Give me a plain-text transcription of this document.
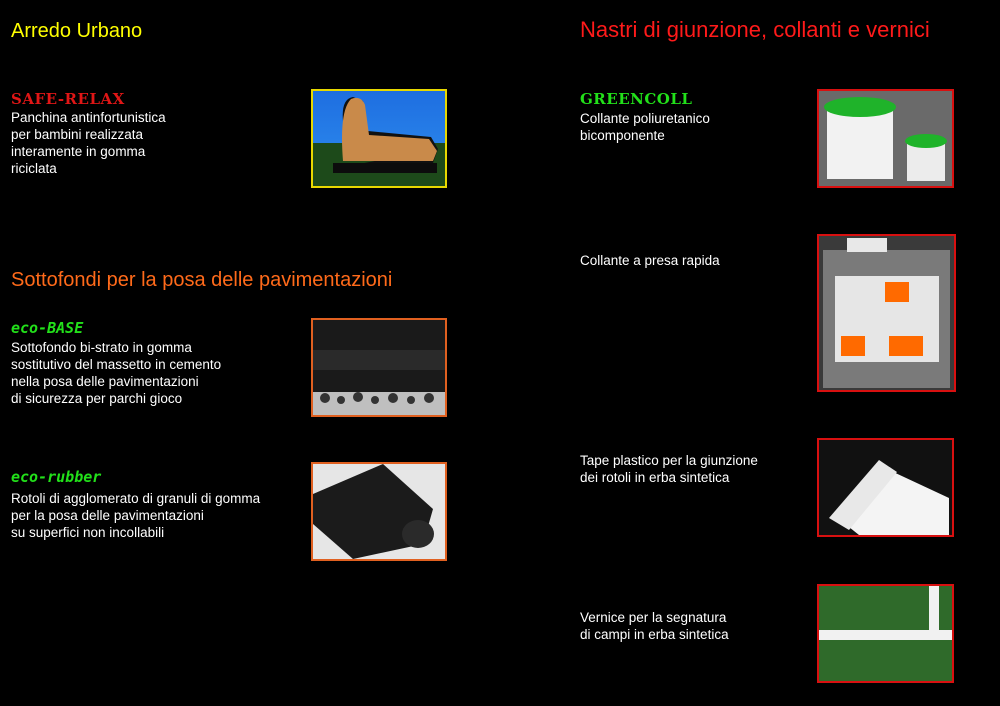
Arredo Urbano
SAFE-RELAX
Panchina antinfortunistica
per bambini realizzata
interamente in gomma
riciclata
Sottofondi per la posa delle pavimentazioni
eco-BASE
Sottofondo bi-strato in gomma
sostitutivo del massetto in cemento
nella posa delle pavimentazioni
di sicurezza per parchi gioco
eco-rubber
Rotoli di agglomerato di granuli di gomma
per la posa delle pavimentazioni
su superfici non incollabili
Nastri di giunzione, collanti e vernici
GREENCOLL
Collante poliuretanico
bicomponente
Collante a presa rapida
Tape plastico per la giunzione
dei rotoli in erba sintetica
Vernice per la segnatura
di campi in erba sintetica
